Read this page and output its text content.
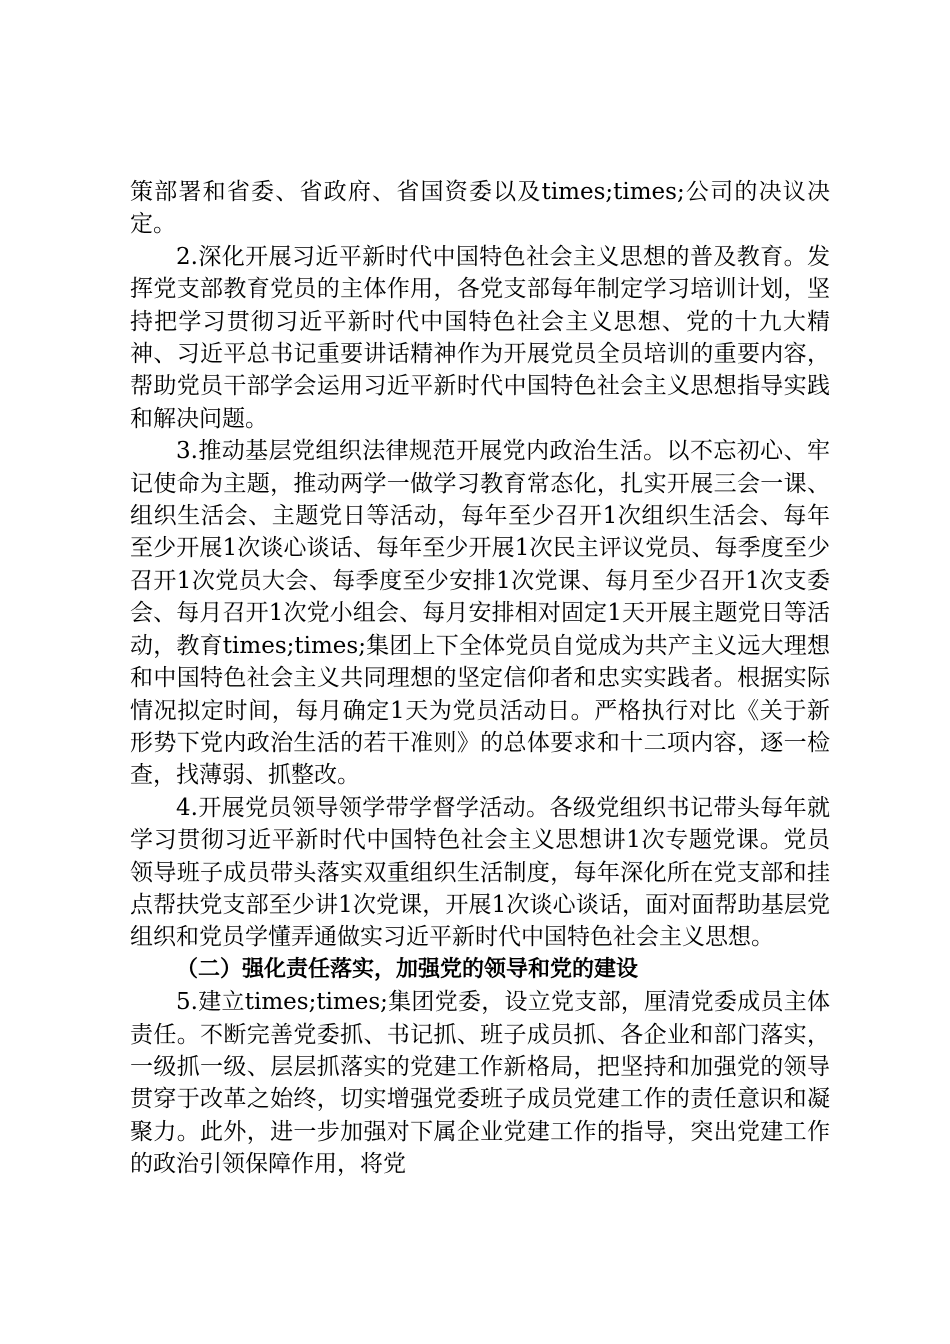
策部署和省委、省政府、省国资委以及times;times;公司的决议决定。

2.深化开展习近平新时代中国特色社会主义思想的普及教育。发挥党支部教育党员的主体作用，各党支部每年制定学习培训计划，坚持把学习贯彻习近平新时代中国特色社会主义思想、党的十九大精神、习近平总书记重要讲话精神作为开展党员全员培训的重要内容，帮助党员干部学会运用习近平新时代中国特色社会主义思想指导实践和解决问题。

3.推动基层党组织法律规范开展党内政治生活。以不忘初心、牢记使命为主题，推动两学一做学习教育常态化，扎实开展三会一课、组织生活会、主题党日等活动，每年至少召开1次组织生活会、每年至少开展1次谈心谈话、每年至少开展1次民主评议党员、每季度至少召开1次党员大会、每季度至少安排1次党课、每月至少召开1次支委会、每月召开1次党小组会、每月安排相对固定1天开展主题党日等活动，教育times;times;集团上下全体党员自觉成为共产主义远大理想和中国特色社会主义共同理想的坚定信仰者和忠实实践者。根据实际情况拟定时间，每月确定1天为党员活动日。严格执行对比《关于新形势下党内政治生活的若干准则》的总体要求和十二项内容，逐一检查，找薄弱、抓整改。

4.开展党员领导领学带学督学活动。各级党组织书记带头每年就学习贯彻习近平新时代中国特色社会主义思想讲1次专题党课。党员领导班子成员带头落实双重组织生活制度，每年深化所在党支部和挂点帮扶党支部至少讲1次党课，开展1次谈心谈话，面对面帮助基层党组织和党员学懂弄通做实习近平新时代中国特色社会主义思想。

（二）强化责任落实，加强党的领导和党的建设

5.建立times;times;集团党委，设立党支部，厘清党委成员主体责任。不断完善党委抓、书记抓、班子成员抓、各企业和部门落实，一级抓一级、层层抓落实的党建工作新格局，把坚持和加强党的领导贯穿于改革之始终，切实增强党委班子成员党建工作的责任意识和凝聚力。此外，进一步加强对下属企业党建工作的指导，突出党建工作的政治引领保障作用，将党
